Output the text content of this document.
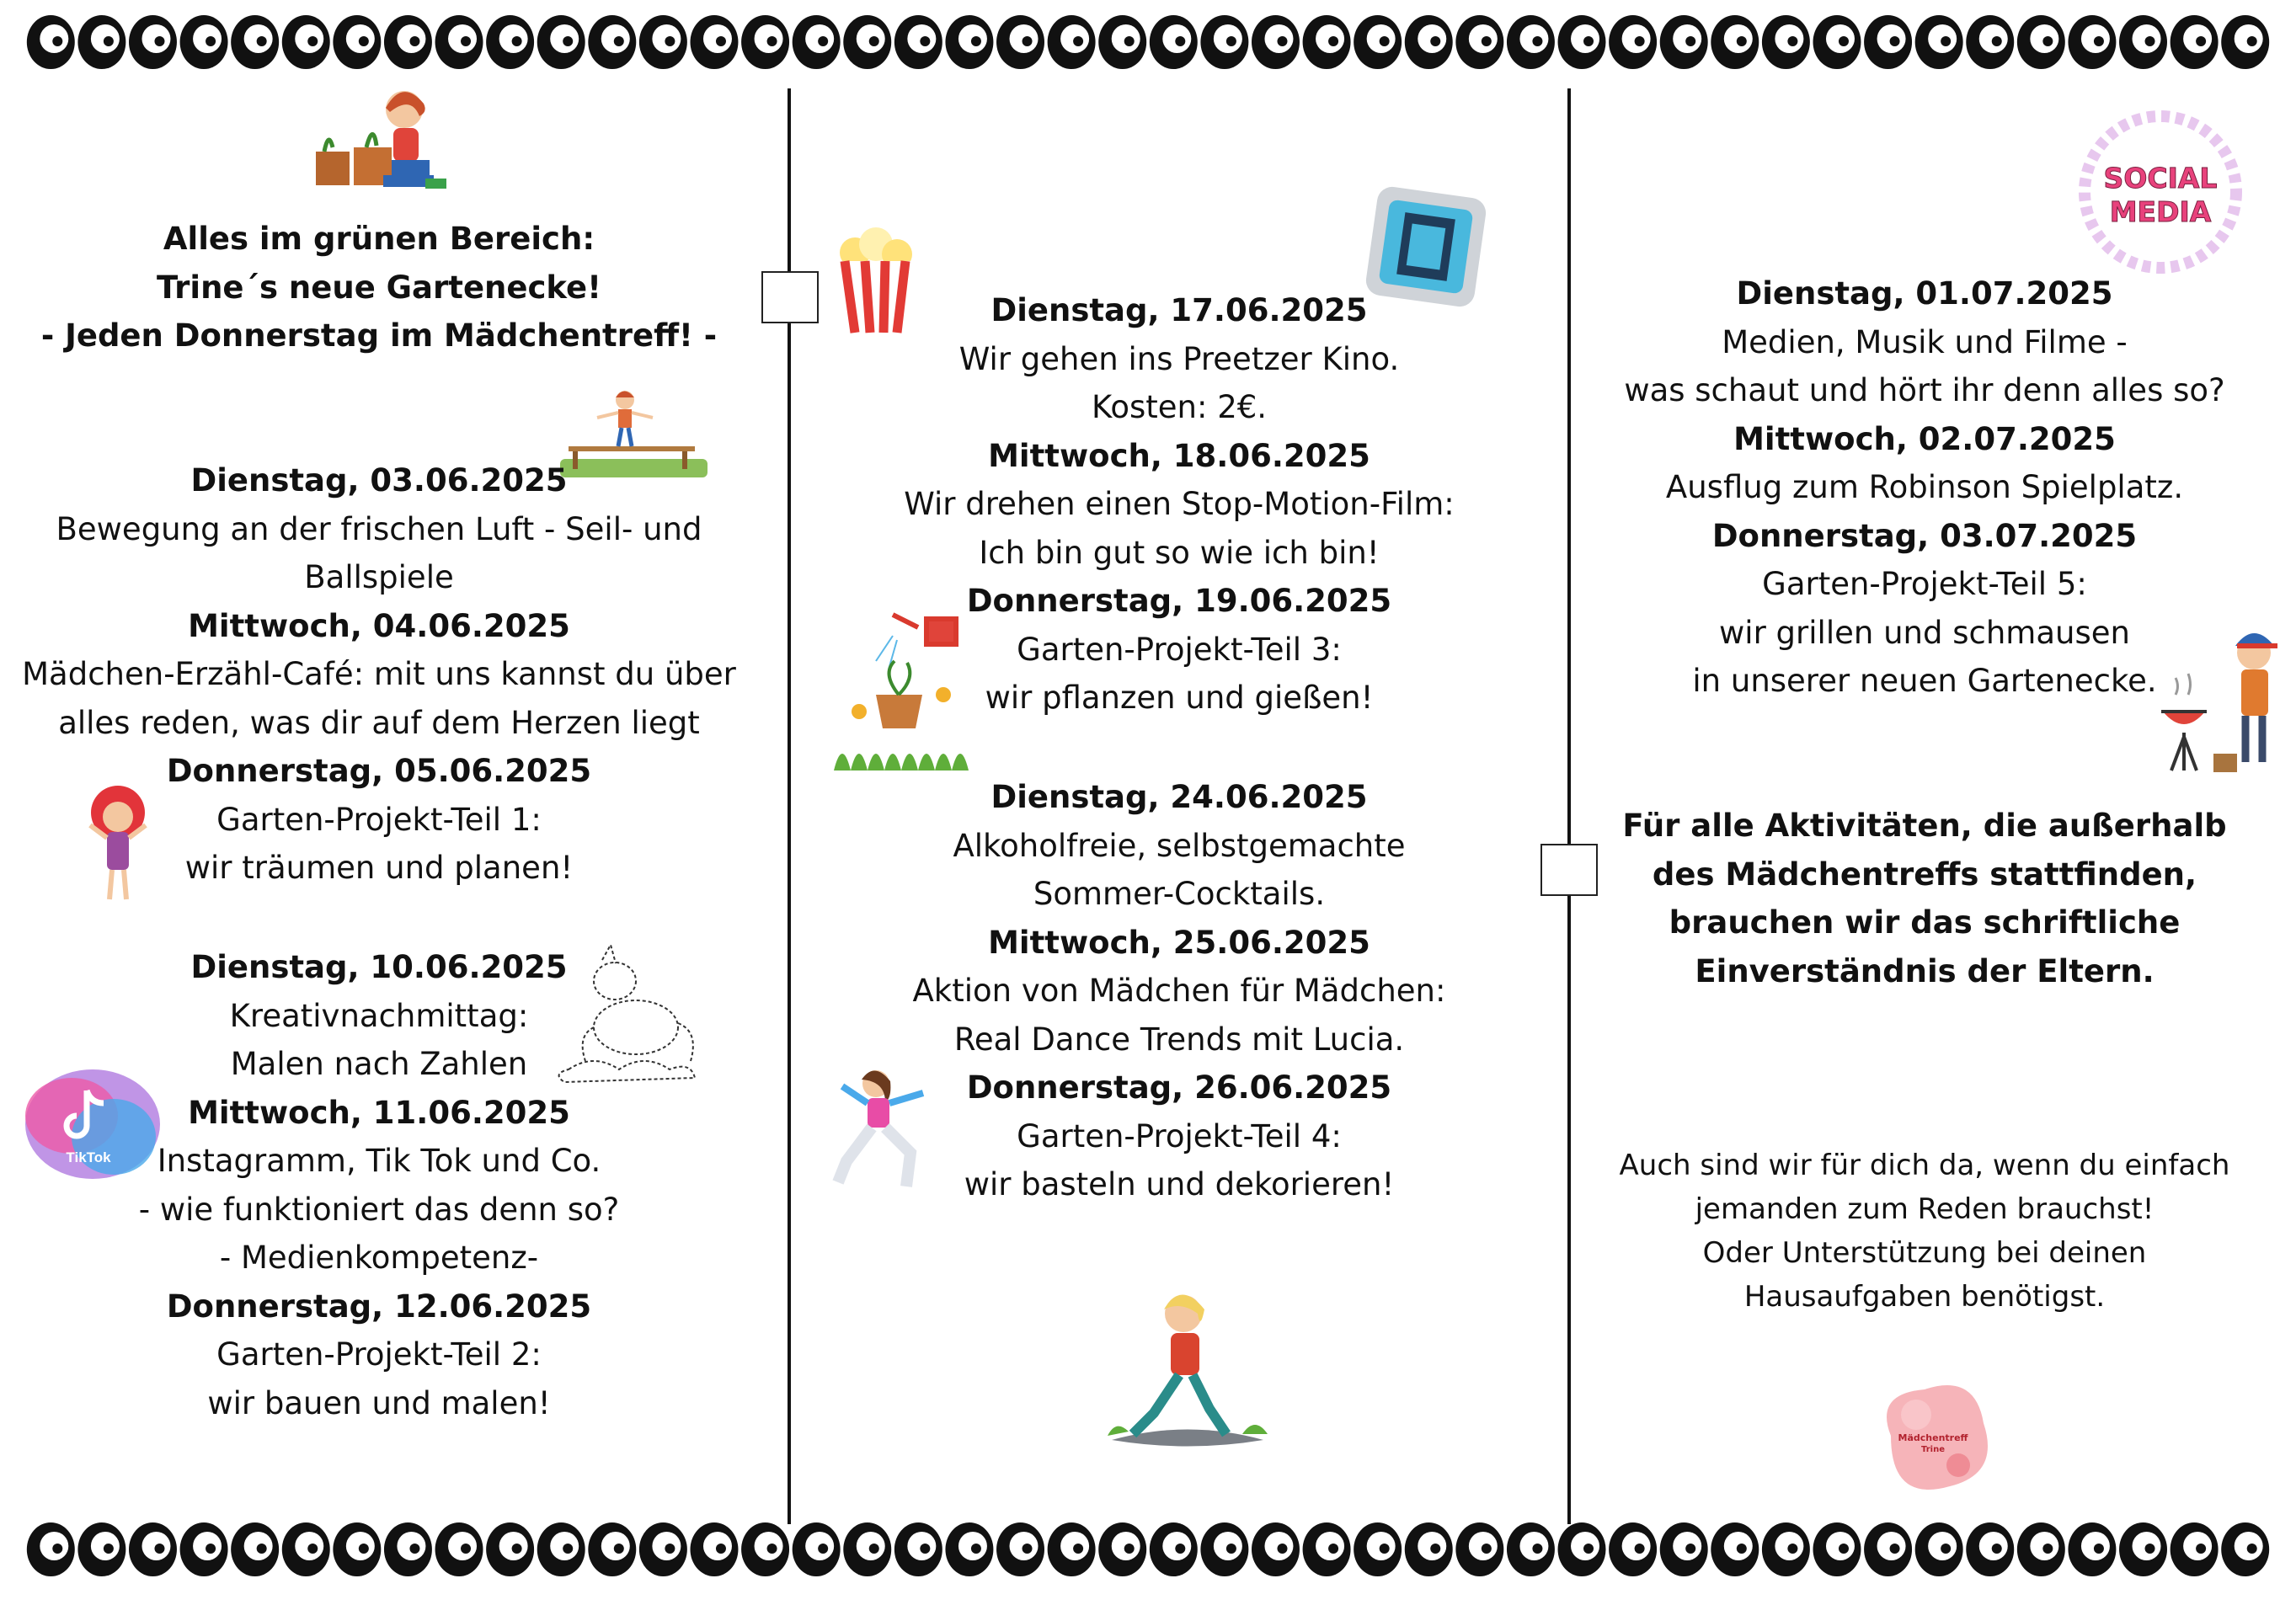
Alles im grünen Bereich:

Trine´s neue Gartenecke!

- Jeden Donnerstag im Mädchentreff! -

Dienstag, 03.06.2025

Bewegung an der frischen Luft - Seil- und

Ballspiele

Mittwoch, 04.06.2025

Mädchen-Erzähl-Café: mit uns kannst du über

alles reden, was dir auf dem Herzen liegt

Donnerstag, 05.06.2025

Garten-Projekt-Teil 1:

wir träumen und planen!

Dienstag, 10.06.2025

Kreativnachmittag:

Malen nach Zahlen

Mittwoch, 11.06.2025

Instagramm, Tik Tok und Co.

- wie funktioniert das denn so?

- Medienkompetenz-

Donnerstag, 12.06.2025

Garten-Projekt-Teil 2:

wir bauen und malen!

TikTok

Dienstag, 17.06.2025

Wir gehen ins Preetzer Kino.

Kosten: 2€.

Mittwoch, 18.06.2025

Wir drehen einen Stop-Motion-Film:

Ich bin gut so wie ich bin!

Donnerstag, 19.06.2025

Garten-Projekt-Teil 3:

wir pflanzen und gießen!

Dienstag, 24.06.2025

Alkoholfreie, selbstgemachte

Sommer-Cocktails.

Mittwoch, 25.06.2025

Aktion von Mädchen für Mädchen:

Real Dance Trends mit Lucia.

Donnerstag, 26.06.2025

Garten-Projekt-Teil 4:

wir basteln und dekorieren!

SOCIAL
MEDIA

Dienstag, 01.07.2025

Medien, Musik und Filme -

was schaut und hört ihr denn alles so?

Mittwoch, 02.07.2025

Ausflug zum Robinson Spielplatz.

Donnerstag, 03.07.2025

Garten-Projekt-Teil 5:

wir grillen und schmausen

in unserer neuen Gartenecke.

Für alle Aktivitäten, die außerhalb

des Mädchentreffs stattfinden,

brauchen wir das schriftliche

Einverständnis der Eltern.

Auch sind wir für dich da, wenn du einfach

jemanden zum Reden brauchst!

Oder Unterstützung bei deinen

Hausaufgaben benötigst.

Mädchentreff
Trine
